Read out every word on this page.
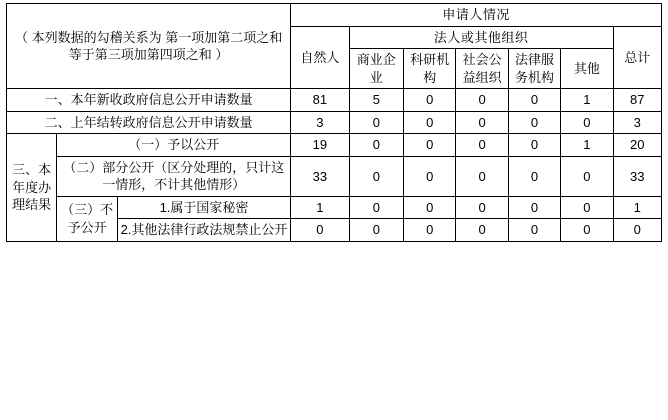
（ 本列数据的勾稽关系为 第一项加第二项之和 等于第三项加第四项之和 ）			申请人情况						
			自然人	法人或其他组织					总计
				商业企业	科研机构	社会公益组织	法律服务机构	其他	
一、本年新收政府信息公开申请数量			81	5	0	0	0	1	87
二、上年结转政府信息公开申请数量			3	0	0	0	0	0	3
三、本年度办理结果	（一）予以公开		19	0	0	0	0	1	20
	（二）部分公开（区分处理的，只计这一情形，不计其他情形）		33	0	0	0	0	0	33
	（三）不予公开	1.属于国家秘密	1	0	0	0	0	0	1
		2.其他法律行政法规禁止公开	0	0	0	0	0	0	0
